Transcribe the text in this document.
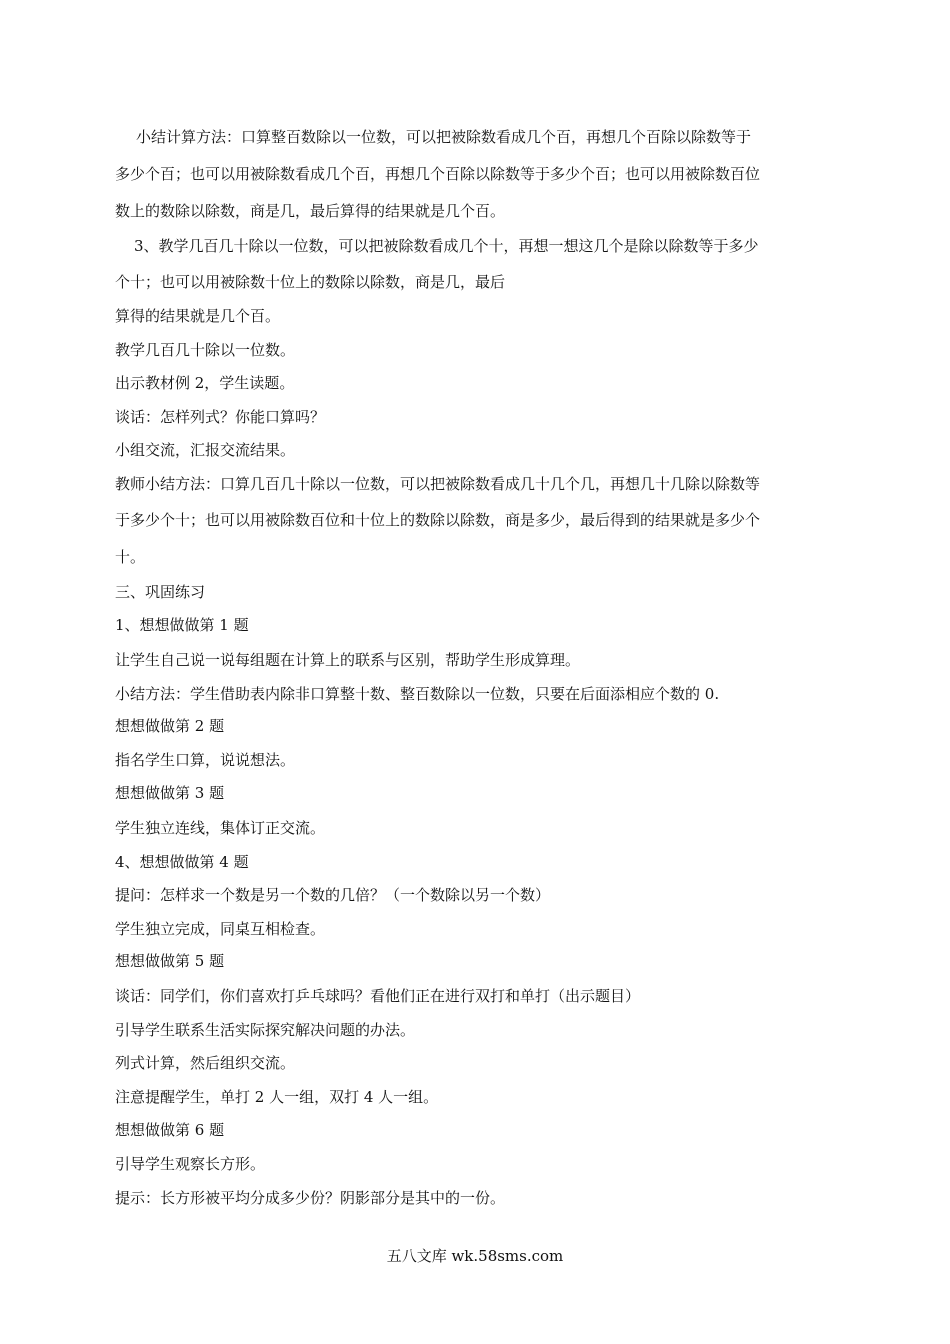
小结计算方法：口算整百数除以一位数，可以把被除数看成几个百，再想几个百除以除数等于
多少个百；也可以用被除数看成几个百，再想几个百除以除数等于多少个百；也可以用被除数百位
数上的数除以除数，商是几，最后算得的结果就是几个百。
3、教学几百几十除以一位数，可以把被除数看成几个十，再想一想这几个是除以除数等于多少
个十；也可以用被除数十位上的数除以除数，商是几，最后
算得的结果就是几个百。
教学几百几十除以一位数。
出示教材例 2，学生读题。
谈话：怎样列式？你能口算吗？
小组交流，汇报交流结果。
教师小结方法：口算几百几十除以一位数，可以把被除数看成几十几个几，再想几十几除以除数等
于多少个十；也可以用被除数百位和十位上的数除以除数，商是多少，最后得到的结果就是多少个
十。
三、巩固练习
1、想想做做第 1 题
让学生自己说一说每组题在计算上的联系与区别，帮助学生形成算理。
小结方法：学生借助表内除非口算整十数、整百数除以一位数，只要在后面添相应个数的 0.
想想做做第 2 题
指名学生口算，说说想法。
想想做做第 3 题
学生独立连线，集体订正交流。
4、想想做做第 4 题
提问：怎样求一个数是另一个数的几倍？（一个数除以另一个数）
学生独立完成，同桌互相检查。
想想做做第 5 题
谈话：同学们，你们喜欢打乒乓球吗？看他们正在进行双打和单打（出示题目）
引导学生联系生活实际探究解决问题的办法。
列式计算，然后组织交流。
注意提醒学生，单打 2 人一组，双打 4 人一组。
想想做做第 6 题
引导学生观察长方形。
提示：长方形被平均分成多少份？阴影部分是其中的一份。
五八文库 wk.58sms.com
